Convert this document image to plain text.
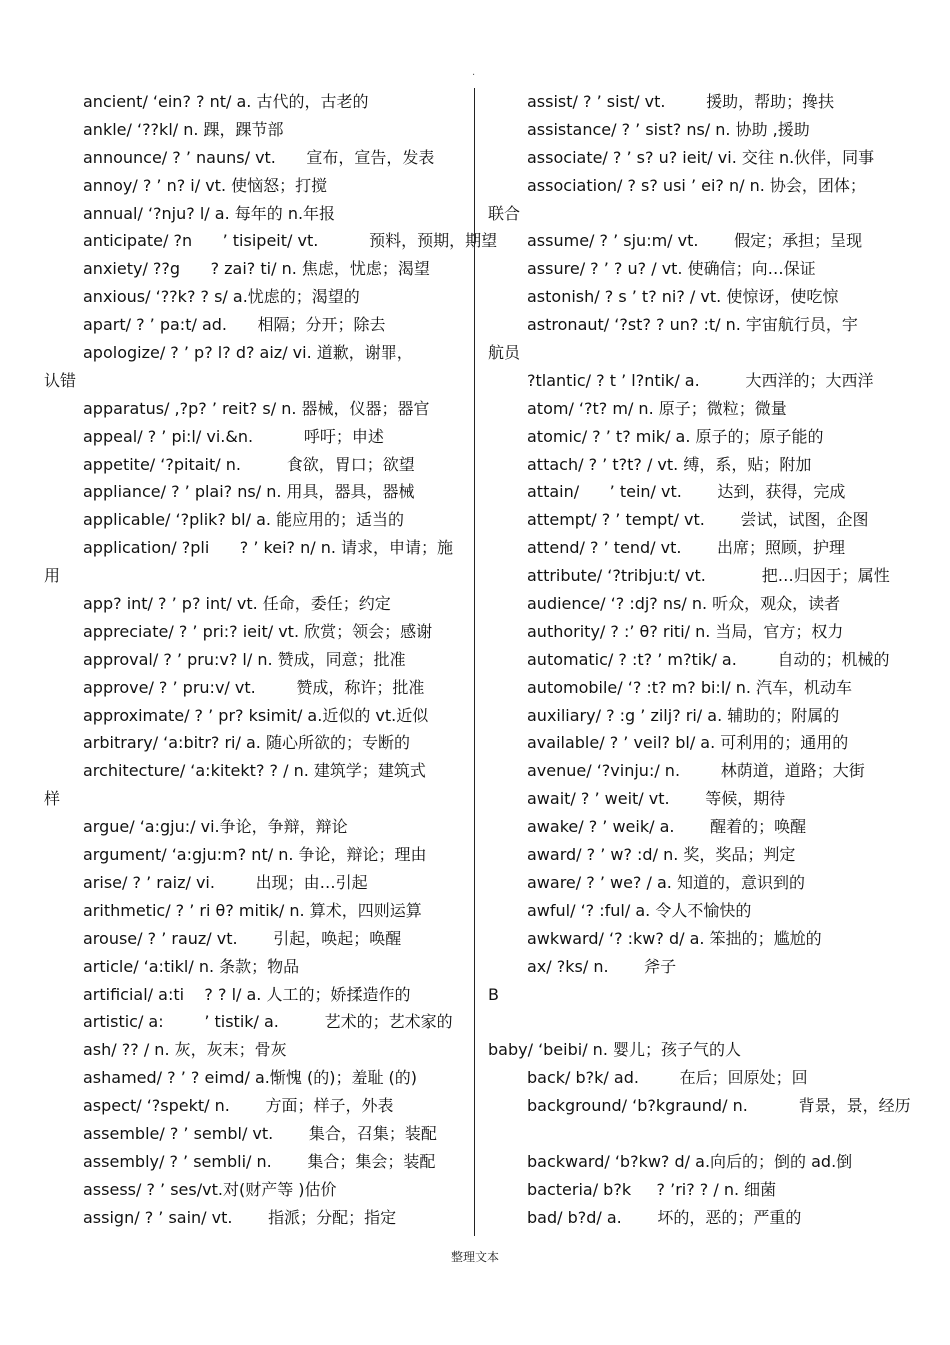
·
ancient/ ‘ein? ? nt/ a. 古代的，古老的
ankle/ ‘??kl/ n. 踝，踝节部
announce/ ? ’ nauns/ vt.      宣布，宣告，发表
annoy/ ? ’ n? i/ vt. 使恼怒；打搅
annual/ ‘?nju? l/ a. 每年的 n.年报
anticipate/ ?n      ’ tisipeit/ vt.          预料，预期，期望
anxiety/ ??g      ? zai? ti/ n. 焦虑，忧虑；渴望
anxious/ ‘??k? ? s/ a.忧虑的；渴望的
apart/ ? ’ pa:t/ ad.      相隔；分开；除去
apologize/ ? ’ p? l? d? aiz/ vi. 道歉，谢罪，
认错
apparatus/ ,?p? ’ reit? s/ n. 器械，仪器；器官
appeal/ ? ’ pi:l/ vi.&n.          呼吁；申述
appetite/ ‘?pitait/ n.         食欲，胃口；欲望
appliance/ ? ’ plai? ns/ n. 用具，器具，器械
applicable/ ‘?plik? bl/ a. 能应用的；适当的
application/ ?pli      ? ’ kei? n/ n. 请求，申请；施
用
app? int/ ? ’ p? int/ vt. 任命，委任；约定
appreciate/ ? ’ pri:? ieit/ vt. 欣赏；领会；感谢
approval/ ? ’ pru:v? l/ n. 赞成，同意；批准
approve/ ? ’ pru:v/ vt.        赞成，称许；批准
approximate/ ? ’ pr? ksimit/ a.近似的 vt.近似
arbitrary/ ‘a:bitr? ri/ a. 随心所欲的；专断的
architecture/ ‘a:kitekt? ? / n. 建筑学；建筑式
样
argue/ ‘a:gju:/ vi.争论，争辩，辩论
argument/ ‘a:gju:m? nt/ n. 争论，辩论；理由
arise/ ? ’ raiz/ vi.        出现；由…引起
arithmetic/ ? ’ ri θ? mitik/ n. 算术，四则运算
arouse/ ? ’ rauz/ vt.       引起，唤起；唤醒
article/ ‘a:tikl/ n. 条款；物品
artificial/ a:ti    ? ? l/ a. 人工的；娇揉造作的
artistic/ a:        ’ tistik/ a.         艺术的；艺术家的
ash/ ?? / n. 灰，灰末；骨灰
ashamed/ ? ’ ? eimd/ a.惭愧 (的)；羞耻 (的)
aspect/ ‘?spekt/ n.       方面；样子，外表
assemble/ ? ’ sembl/ vt.       集合，召集；装配
assembly/ ? ’ sembli/ n.       集合；集会；装配
assess/ ? ’ ses/vt.对(财产等 )估价
assign/ ? ’ sain/ vt.       指派；分配；指定
assist/ ? ’ sist/ vt.        援助，帮助；搀扶
assistance/ ? ’ sist? ns/ n. 协助 ,援助
associate/ ? ’ s? u? ieit/ vi. 交往 n.伙伴，同事
association/ ? s? usi ’ ei? n/ n. 协会，团体；
联合
assume/ ? ’ sju:m/ vt.       假定；承担；呈现
assure/ ? ’ ? u? / vt. 使确信；向…保证
astonish/ ? s ’ t? ni? / vt. 使惊讶，使吃惊
astronaut/ ‘?st? ? un? :t/ n. 宇宙航行员，宇
航员
?tlantic/ ? t ’ l?ntik/ a.         大西洋的；大西洋
atom/ ‘?t? m/ n. 原子；微粒；微量
atomic/ ? ’ t? mik/ a. 原子的；原子能的
attach/ ? ’ t?t? / vt. 缚，系，贴；附加
attain/      ’ tein/ vt.       达到，获得，完成
attempt/ ? ’ tempt/ vt.       尝试，试图，企图
attend/ ? ’ tend/ vt.       出席；照顾，护理
attribute/ ‘?tribju:t/ vt.           把…归因于；属性
audience/ ‘? :dj? ns/ n. 听众，观众，读者
authority/ ? :’ θ? riti/ n. 当局，官方；权力
automatic/ ? :t? ’ m?tik/ a.        自动的；机械的
automobile/ ‘? :t? m? bi:l/ n. 汽车，机动车
auxiliary/ ? :g ’ zilj? ri/ a. 辅助的；附属的
available/ ? ’ veil? bl/ a. 可利用的；通用的
avenue/ ‘?vinju:/ n.        林荫道，道路；大街
await/ ? ’ weit/ vt.       等候，期待
awake/ ? ’ weik/ a.       醒着的；唤醒
award/ ? ’ w? :d/ n. 奖，奖品；判定
aware/ ? ’ we? / a. 知道的，意识到的
awful/ ‘? :ful/ a. 令人不愉快的
awkward/ ‘? :kw? d/ a. 笨拙的；尴尬的
ax/ ?ks/ n.       斧子
B
baby/ ‘beibi/ n. 婴儿；孩子气的人
back/ b?k/ ad.        在后；回原处；回
background/ ‘b?kgraund/ n.          背景，景，经历
backward/ ‘b?kw? d/ a.向后的；倒的 ad.倒
bacteria/ b?k     ? ’ri? ? / n. 细菌
bad/ b?d/ a.       坏的，恶的；严重的
整理文本
